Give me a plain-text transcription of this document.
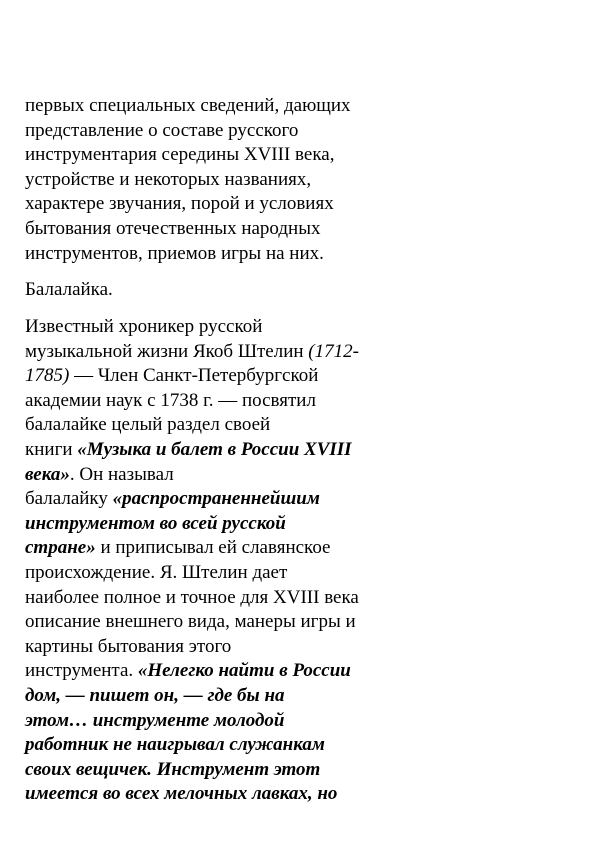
первых специальных сведений, дающих
представление о составе русского
инструментария середины XVIII века,
устройстве и некоторых названиях,
характере звучания, порой и условиях
бытования отечественных народных
инструментов, приемов игры на них.
Балалайка.
Известный хроникер русской
музыкальной жизни Якоб Штелин (1712-
1785) — Член Санкт-Петербургской
академии наук с 1738 г. — посвятил
балалайке целый раздел своей
книги «Музыка и балет в России XVIII
века». Он называл
балалайку «распространеннейшим
инструментом во всей русской
стране» и приписывал ей славянское
происхождение. Я. Штелин дает
наиболее полное и точное для XVIII века
описание внешнего вида, манеры игры и
картины бытования этого
инструмента. «Нелегко найти в России
дом, — пишет он, — где бы на
этом… инструменте молодой
работник не наигрывал служанкам
своих вещичек. Инструмент этот
имеется во всех мелочных лавках, но
